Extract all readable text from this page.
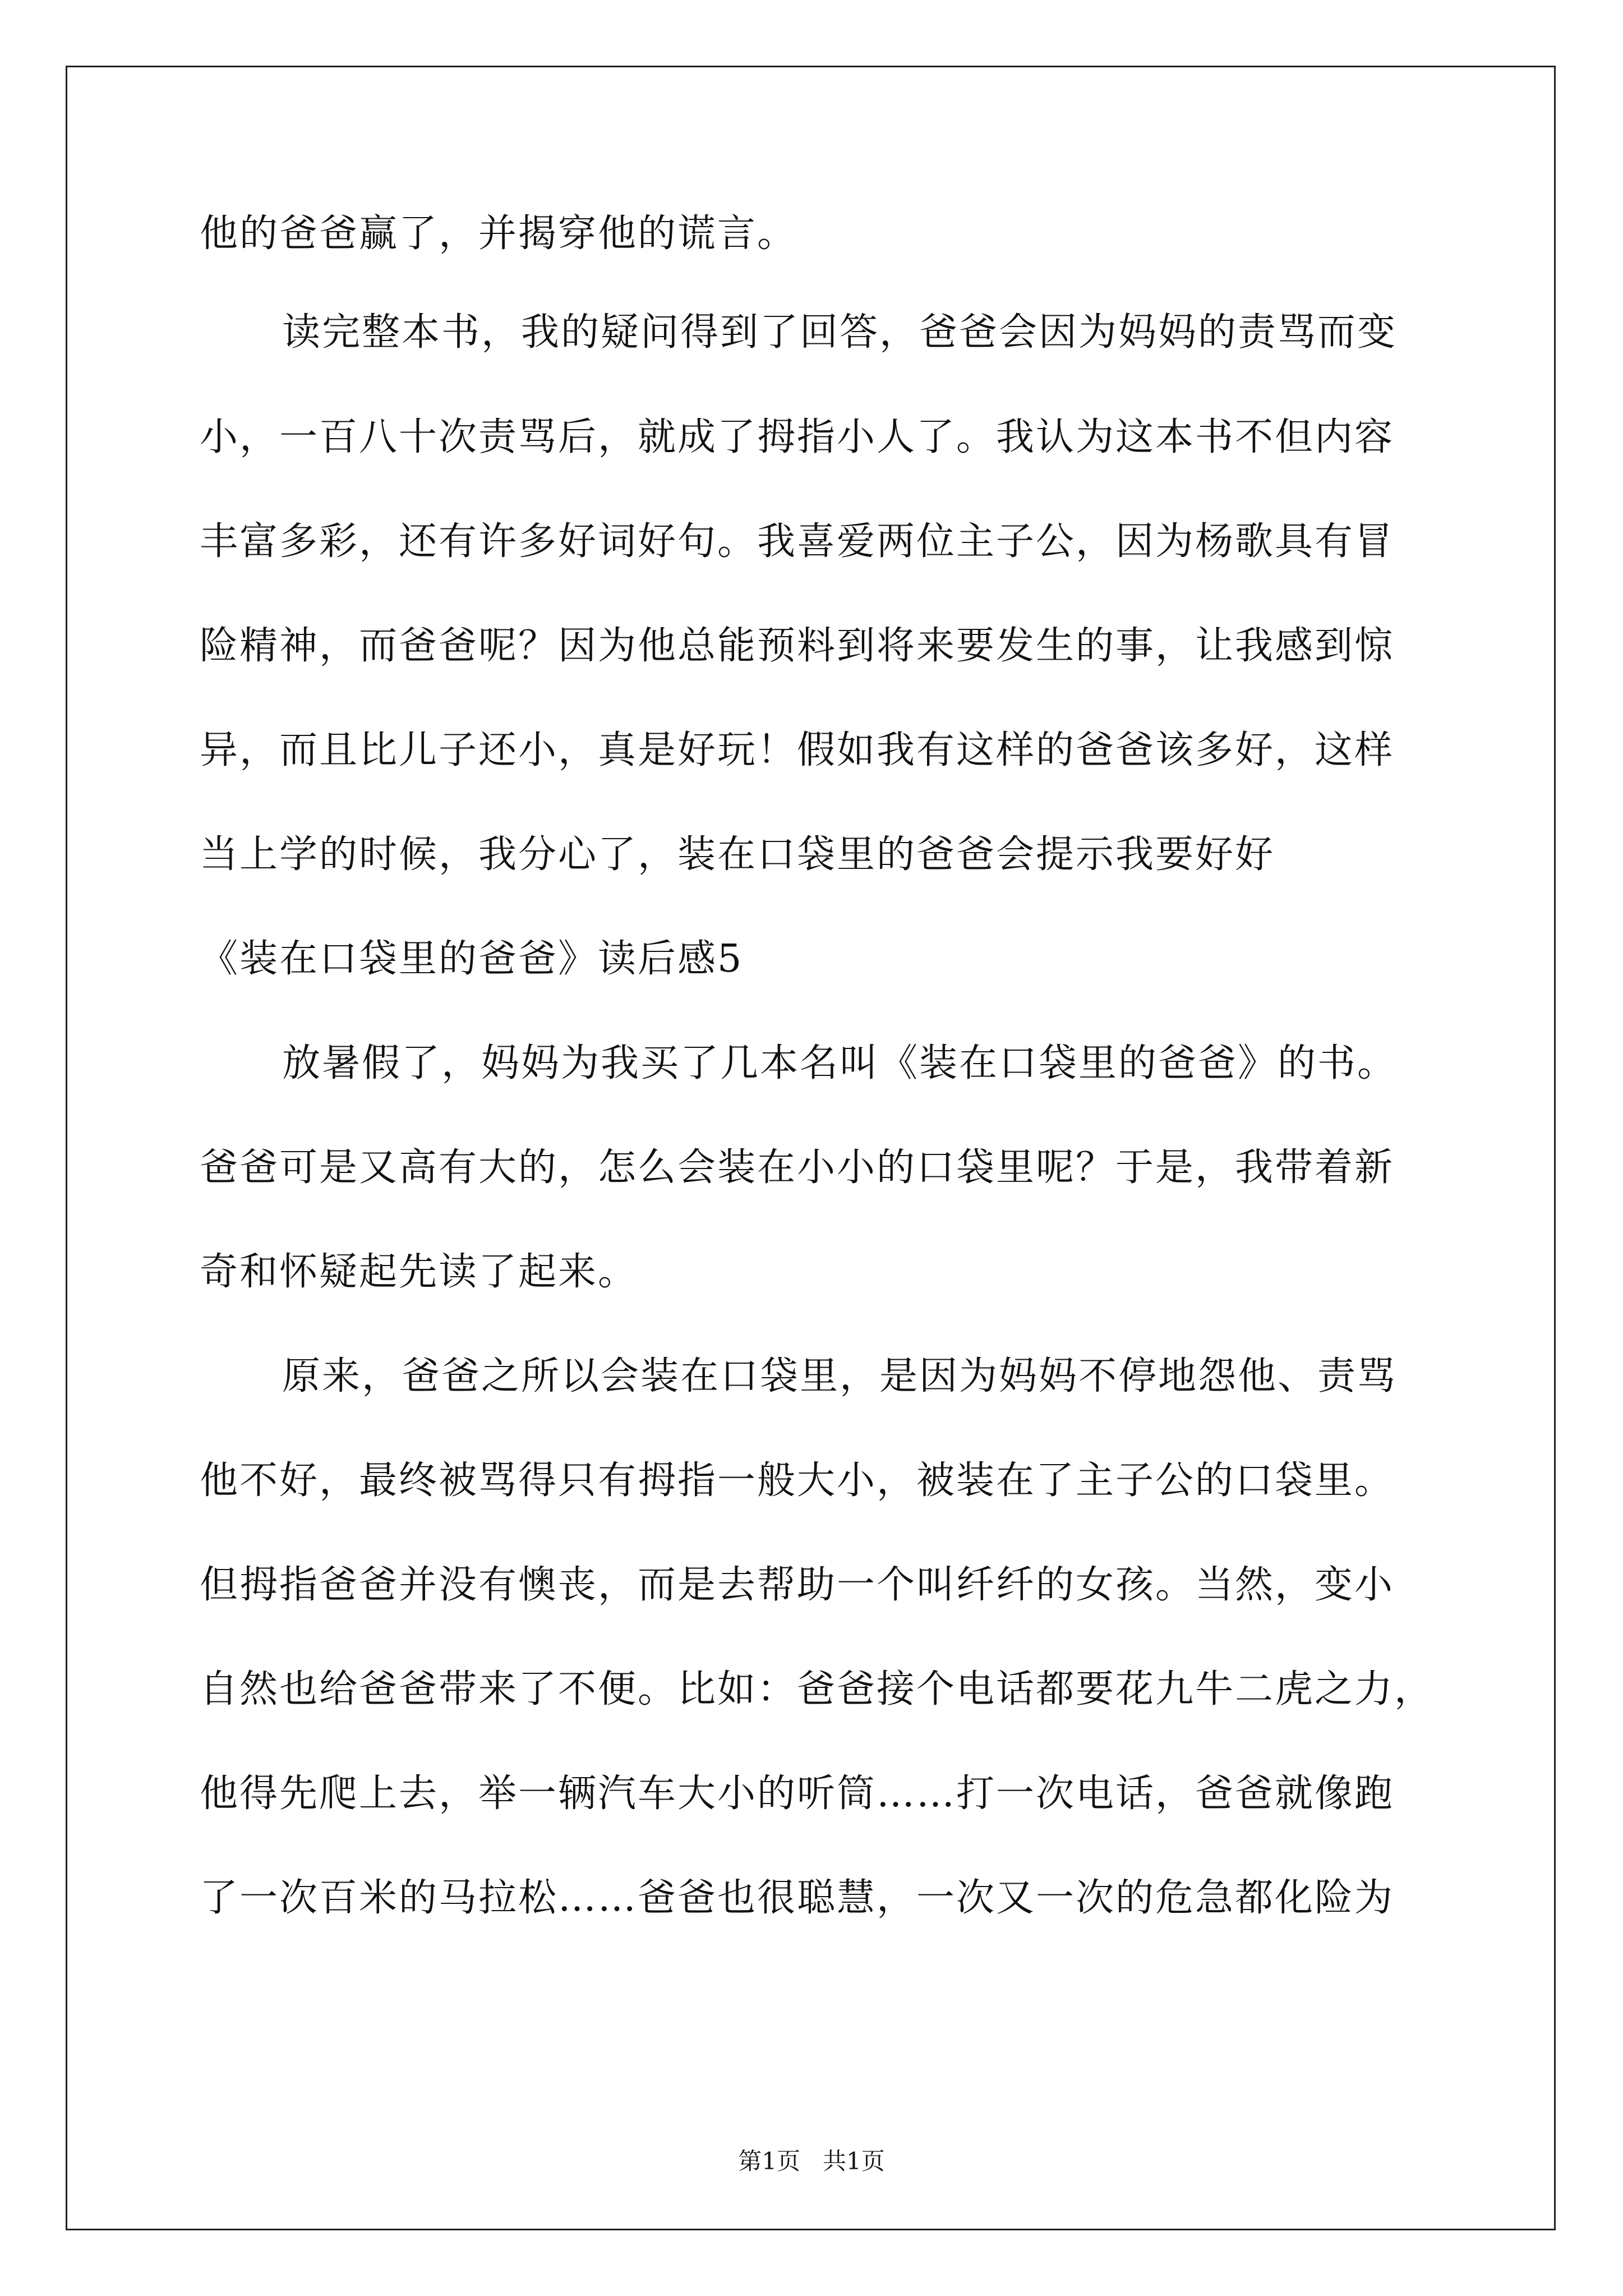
他的爸爸赢了，并揭穿他的谎言。
读完整本书，我的疑问得到了回答，爸爸会因为妈妈的责骂而变
小，一百八十次责骂后，就成了拇指小人了。我认为这本书不但内容
丰富多彩，还有许多好词好句。我喜爱两位主子公，因为杨歌具有冒
险精神，而爸爸呢？因为他总能预料到将来要发生的事，让我感到惊
异，而且比儿子还小，真是好玩！假如我有这样的爸爸该多好，这样
当上学的时候，我分心了，装在口袋里的爸爸会提示我要好好
《装在口袋里的爸爸》读后感5
放暑假了，妈妈为我买了几本名叫《装在口袋里的爸爸》的书。
爸爸可是又高有大的，怎么会装在小小的口袋里呢？于是，我带着新
奇和怀疑起先读了起来。
原来，爸爸之所以会装在口袋里，是因为妈妈不停地怨他、责骂
他不好，最终被骂得只有拇指一般大小，被装在了主子公的口袋里。
但拇指爸爸并没有懊丧，而是去帮助一个叫纤纤的女孩。当然，变小
自然也给爸爸带来了不便。比如：爸爸接个电话都要花九牛二虎之力，
他得先爬上去，举一辆汽车大小的听筒……打一次电话，爸爸就像跑
了一次百米的马拉松……爸爸也很聪慧，一次又一次的危急都化险为
第1页 共1页
